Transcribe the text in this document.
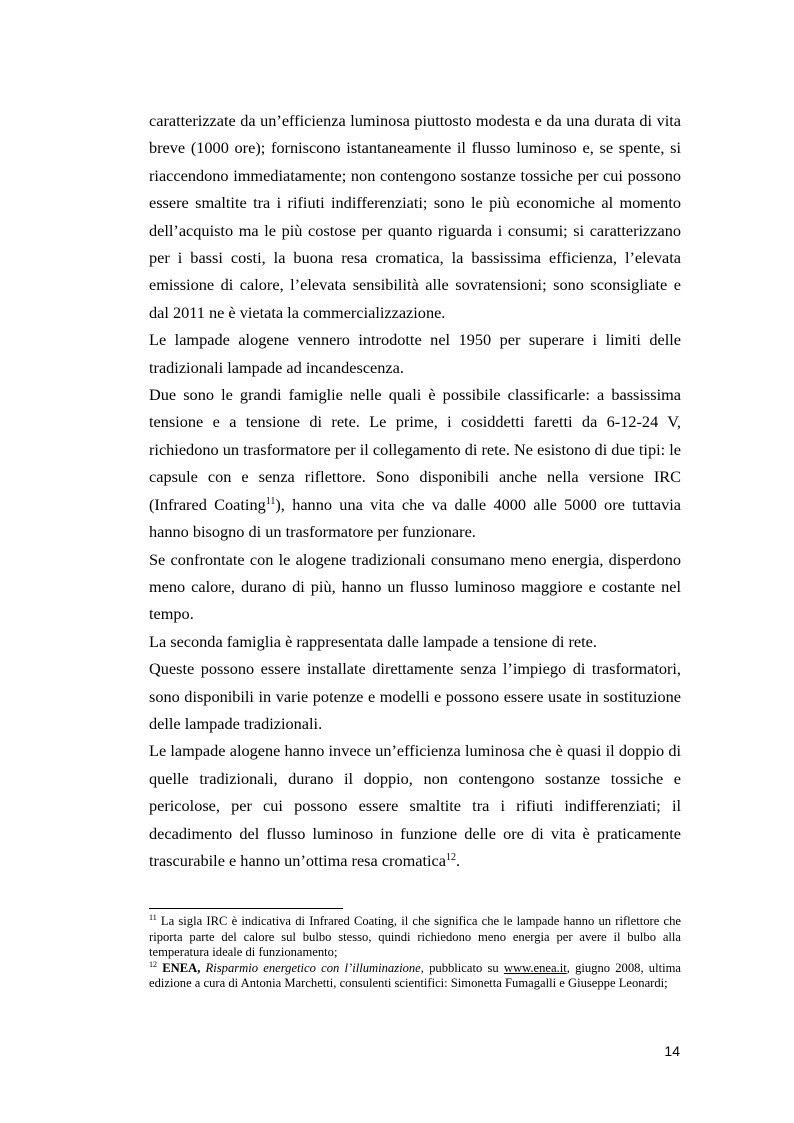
caratterizzate da un’efficienza luminosa piuttosto modesta e da una durata di vita breve (1000 ore); forniscono istantaneamente il flusso luminoso e, se spente, si riaccendono immediatamente; non contengono sostanze tossiche per cui possono essere smaltite tra i rifiuti indifferenziati; sono le più economiche al momento dell’acquisto ma le più costose per quanto riguarda i consumi; si caratterizzano per i bassi costi, la buona resa cromatica, la bassissima efficienza, l’elevata emissione di calore, l’elevata sensibilità alle sovratensioni; sono sconsigliate e dal 2011 ne è vietata la commercializzazione.

Le lampade alogene vennero introdotte nel 1950 per superare i limiti delle tradizionali lampade ad incandescenza.

Due sono le grandi famiglie nelle quali è possibile classificarle: a bassissima tensione e a tensione di rete. Le prime, i cosiddetti faretti da 6-12-24 V, richiedono un trasformatore per il collegamento di rete. Ne esistono di due tipi: le capsule con e senza riflettore. Sono disponibili anche nella versione IRC (Infrared Coating$^{11}$), hanno una vita che va dalle 4000 alle 5000 ore tuttavia hanno bisogno di un trasformatore per funzionare.

Se confrontate con le alogene tradizionali consumano meno energia, disperdono meno calore, durano di più, hanno un flusso luminoso maggiore e costante nel tempo.

La seconda famiglia è rappresentata dalle lampade a tensione di rete.

Queste possono essere installate direttamente senza l’impiego di trasformatori, sono disponibili in varie potenze e modelli e possono essere usate in sostituzione delle lampade tradizionali.

Le lampade alogene hanno invece un’efficienza luminosa che è quasi il doppio di quelle tradizionali, durano il doppio, non contengono sostanze tossiche e pericolose, per cui possono essere smaltite tra i rifiuti indifferenziati; il decadimento del flusso luminoso in funzione delle ore di vita è praticamente trascurabile e hanno un’ottima resa cromatica$^{12}$.

$^{11}$ La sigla IRC è indicativa di Infrared Coating, il che significa che le lampade hanno un riflettore che riporta parte del calore sul bulbo stesso, quindi richiedono meno energia per avere il bulbo alla temperatura ideale di funzionamento;

$^{12}$ ENEA, Risparmio energetico con l’illuminazione, pubblicato su www.enea.it, giugno 2008, ultima edizione a cura di Antonia Marchetti, consulenti scientifici: Simonetta Fumagalli e Giuseppe Leonardi;

14
